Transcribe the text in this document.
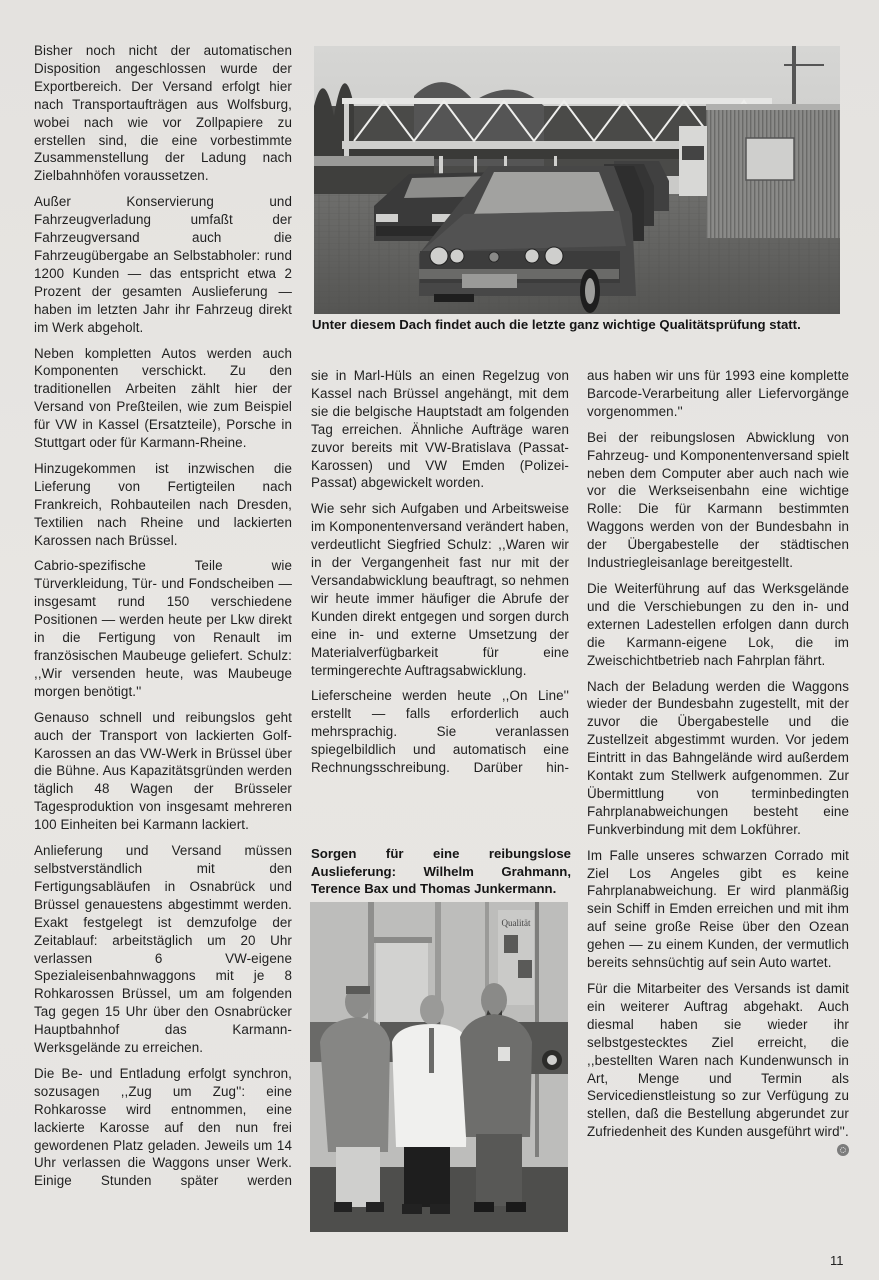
Bisher noch nicht der automatischen Disposition angeschlossen wurde der Exportbereich. Der Versand erfolgt hier nach Transportaufträgen aus Wolfsburg, wobei nach wie vor Zollpapiere zu erstellen sind, die eine vorbestimmte Zusammenstellung der Ladung nach Zielbahnhöfen voraussetzen.

Außer Konservierung und Fahrzeugverladung umfaßt der Fahrzeugversand auch die Fahrzeugübergabe an Selbstabholer: rund 1200 Kunden — das entspricht etwa 2 Prozent der gesamten Auslieferung — haben im letzten Jahr ihr Fahrzeug direkt im Werk abgeholt.

Neben kompletten Autos werden auch Komponenten verschickt. Zu den traditionellen Arbeiten zählt hier der Versand von Preßteilen, wie zum Beispiel für VW in Kassel (Ersatzteile), Porsche in Stuttgart oder für Karmann-Rheine.

Hinzugekommen ist inzwischen die Lieferung von Fertigteilen nach Frankreich, Rohbauteilen nach Dresden, Textilien nach Rheine und lackierten Karossen nach Brüssel.

Cabrio-spezifische Teile wie Türverkleidung, Tür- und Fondscheiben — insgesamt rund 150 verschiedene Positionen — werden heute per Lkw direkt in die Fertigung von Renault im französischen Maubeuge geliefert. Schulz: ,,Wir versenden heute, was Maubeuge morgen benötigt.''

Genauso schnell und reibungslos geht auch der Transport von lackierten Golf-Karossen an das VW-Werk in Brüssel über die Bühne. Aus Kapazitätsgründen werden täglich 48 Wagen der Brüsseler Tagesproduktion von insgesamt mehreren 100 Einheiten bei Karmann lackiert.

Anlieferung und Versand müssen selbstverständlich mit den Fertigungsabläufen in Osnabrück und Brüssel genauestens abgestimmt werden. Exakt festgelegt ist demzufolge der Zeitablauf: arbeitstäglich um 20 Uhr verlassen 6 VW-eigene Spezialeisenbahnwaggons mit je 8 Rohkarossen Brüssel, um am folgenden Tag gegen 15 Uhr über den Osnabrücker Hauptbahnhof das Karmann-Werksgelände zu erreichen.

Die Be- und Entladung erfolgt synchron, sozusagen ,,Zug um Zug'': eine Rohkarosse wird entnommen, eine lackierte Karosse auf den nun frei gewordenen Platz geladen. Jeweils um 14 Uhr verlassen die Waggons unser Werk. Einige Stunden später werden

Unter diesem Dach findet auch die letzte ganz wichtige Qualitätsprüfung statt.

sie in Marl-Hüls an einen Regelzug von Kassel nach Brüssel angehängt, mit dem sie die belgische Hauptstadt am folgenden Tag erreichen. Ähnliche Aufträge waren zuvor bereits mit VW-Bratislava (Passat-Karossen) und VW Emden (Polizei-Passat) abgewickelt worden.

Wie sehr sich Aufgaben und Arbeitsweise im Komponentenversand verändert haben, verdeutlicht Siegfried Schulz: ,,Waren wir in der Vergangenheit fast nur mit der Versandabwicklung beauftragt, so nehmen wir heute immer häufiger die Abrufe der Kunden direkt entgegen und sorgen durch eine in- und externe Umsetzung der Materialverfügbarkeit für eine termingerechte Auftragsabwicklung.

Lieferscheine werden heute ,,On Line'' erstellt — falls erforderlich auch mehrsprachig. Sie veranlassen spiegelbildlich und automatisch eine Rechnungsschreibung. Darüber hin-

Sorgen für eine reibungslose Auslieferung: Wilhelm Grahmann, Terence Bax und Thomas Junkermann.
Qualität

aus haben wir uns für 1993 eine komplette Barcode-Verarbeitung aller Liefervorgänge vorgenommen.''

Bei der reibungslosen Abwicklung von Fahrzeug- und Komponentenversand spielt neben dem Computer aber auch nach wie vor die Werkseisenbahn eine wichtige Rolle: Die für Karmann bestimmten Waggons werden von der Bundesbahn in der Übergabestelle der städtischen Industriegleisanlage bereitgestellt.

Die Weiterführung auf das Werksgelände und die Verschiebungen zu den in- und externen Ladestellen erfolgen dann durch die Karmann-eigene Lok, die im Zweischichtbetrieb nach Fahrplan fährt.

Nach der Beladung werden die Waggons wieder der Bundesbahn zugestellt, mit der zuvor die Übergabestelle und die Zustellzeit abgestimmt wurden. Vor jedem Eintritt in das Bahngelände wird außerdem Kontakt zum Stellwerk aufgenommen. Zur Übermittlung von terminbedingten Fahrplanabweichungen besteht eine Funkverbindung mit dem Lokführer.

Im Falle unseres schwarzen Corrado mit Ziel Los Angeles gibt es keine Fahrplanabweichung. Er wird planmäßig sein Schiff in Emden erreichen und mit ihm auf seine große Reise über den Ozean gehen — zu einem Kunden, der vermutlich bereits sehnsüchtig auf sein Auto wartet.

Für die Mitarbeiter des Versands ist damit ein weiterer Auftrag abgehakt. Auch diesmal haben sie wieder ihr selbstgestecktes Ziel erreicht, die ,,bestellten Waren nach Kundenwunsch in Art, Menge und Termin als Servicedienstleistung so zur Verfügung zu stellen, daß die Bestellung abgerundet zur Zufriedenheit des Kunden ausgeführt wird''.

11
